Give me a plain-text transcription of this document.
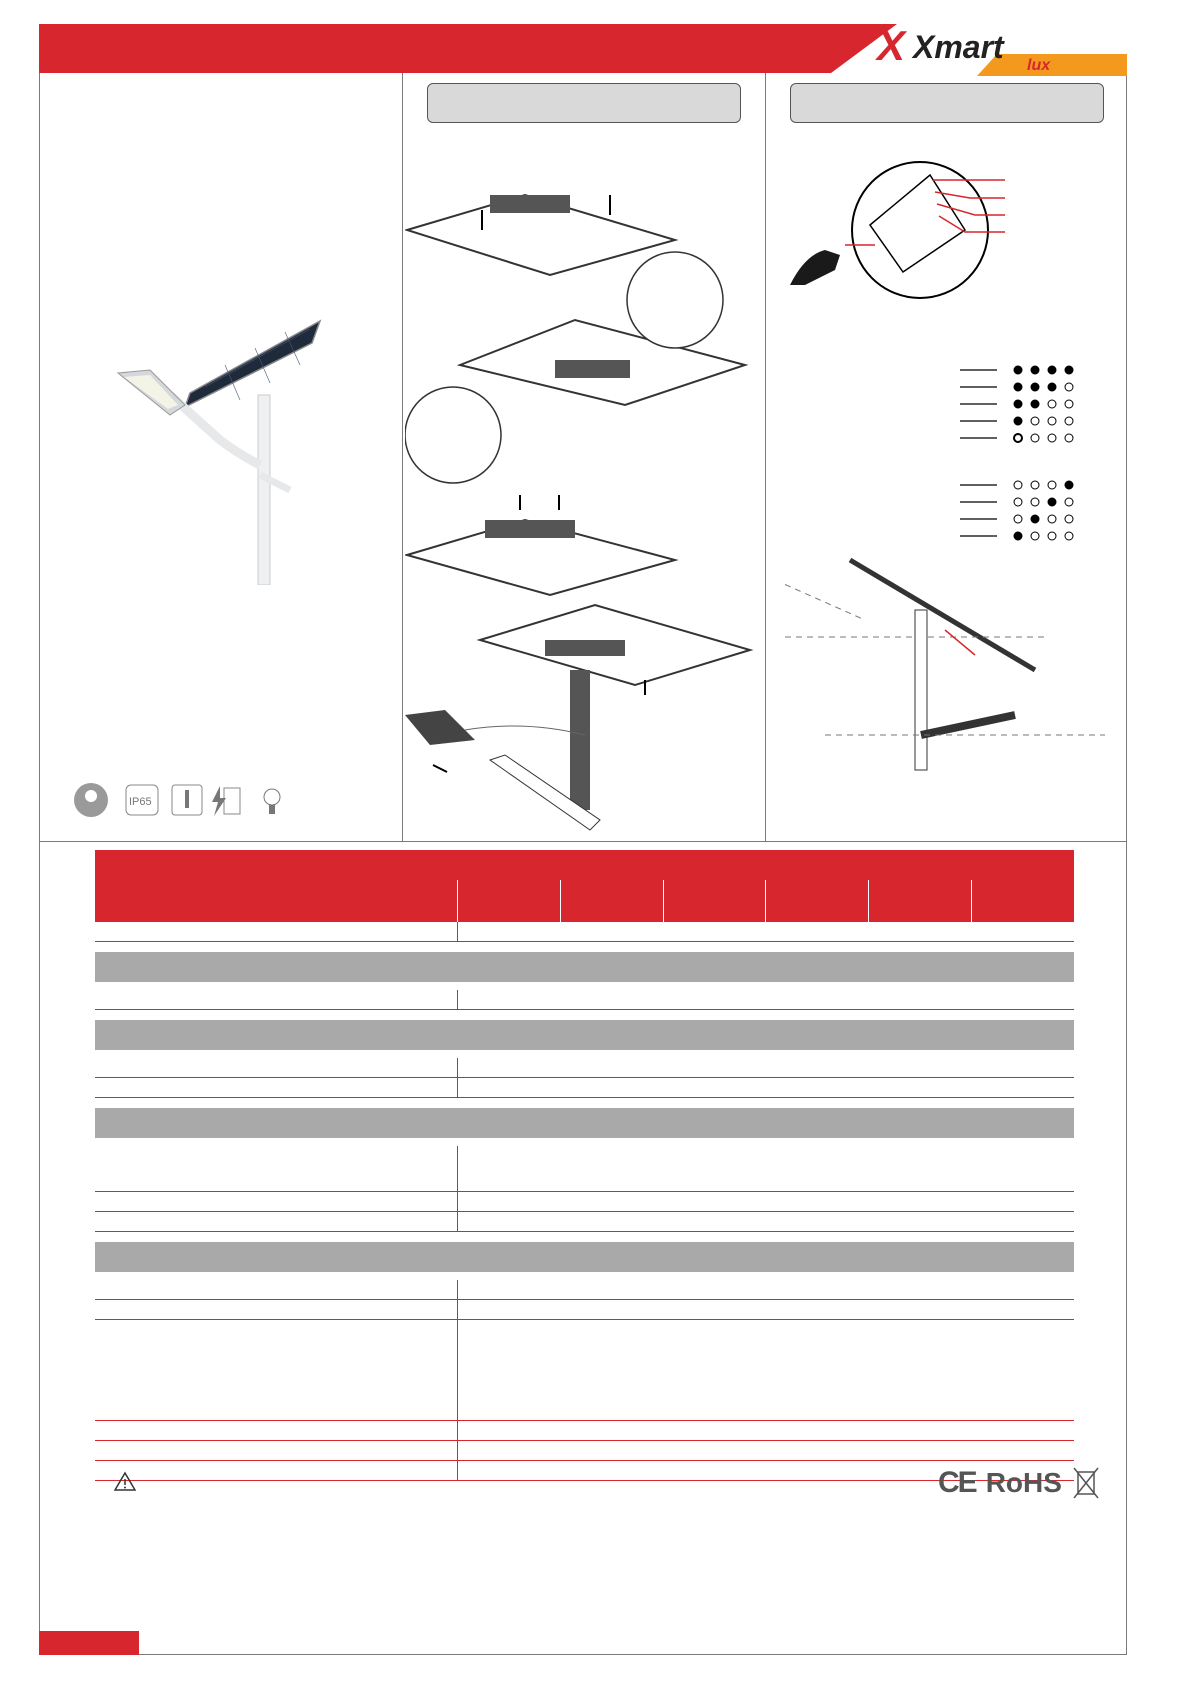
X Xmart
lux
IP65
CE RoHS
